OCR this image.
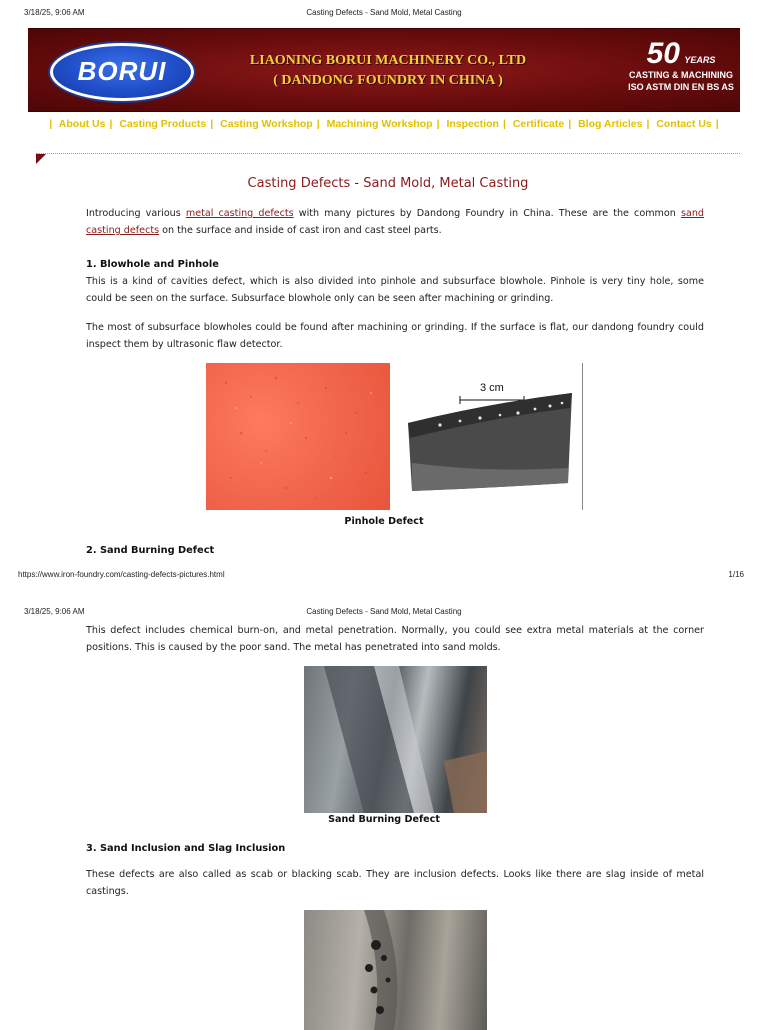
3/18/25, 9:06 AM	Casting Defects - Sand Mold, Metal Casting
BORUI	LIAONING BORUI MACHINERY CO., LTD
( DANDONG FOUNDRY IN CHINA )
50 YEARS
CASTING & MACHINING
ISO ASTM DIN EN BS AS
| About Us | Casting Products | Casting Workshop | Machining Workshop | Inspection | Certificate | Blog Articles | Contact Us |
Casting Defects - Sand Mold, Metal Casting

Introducing various metal casting defects with many pictures by Dandong Foundry in China. These are the common sand casting defects on the surface and inside of cast iron and cast steel parts.

1. Blowhole and Pinhole

This is a kind of cavities defect, which is also divided into pinhole and subsurface blowhole. Pinhole is very tiny hole, some could be seen on the surface. Subsurface blowhole only can be seen after machining or grinding.

The most of subsurface blowholes could be found after machining or grinding. If the surface is flat, our dandong foundry could inspect them by ultrasonic flaw detector.

3 cm
Pinhole Defect
2. Sand Burning Defect
https://www.iron-foundry.com/casting-defects-pictures.html	1/16
3/18/25, 9:06 AM	Casting Defects - Sand Mold, Metal Casting

This defect includes chemical burn-on, and metal penetration. Normally, you could see extra metal materials at the corner positions. This is caused by the poor sand. The metal has penetrated into sand molds.

Sand Burning Defect
3. Sand Inclusion and Slag Inclusion

These defects are also called as scab or blacking scab. They are inclusion defects. Looks like there are slag inside of metal castings.
